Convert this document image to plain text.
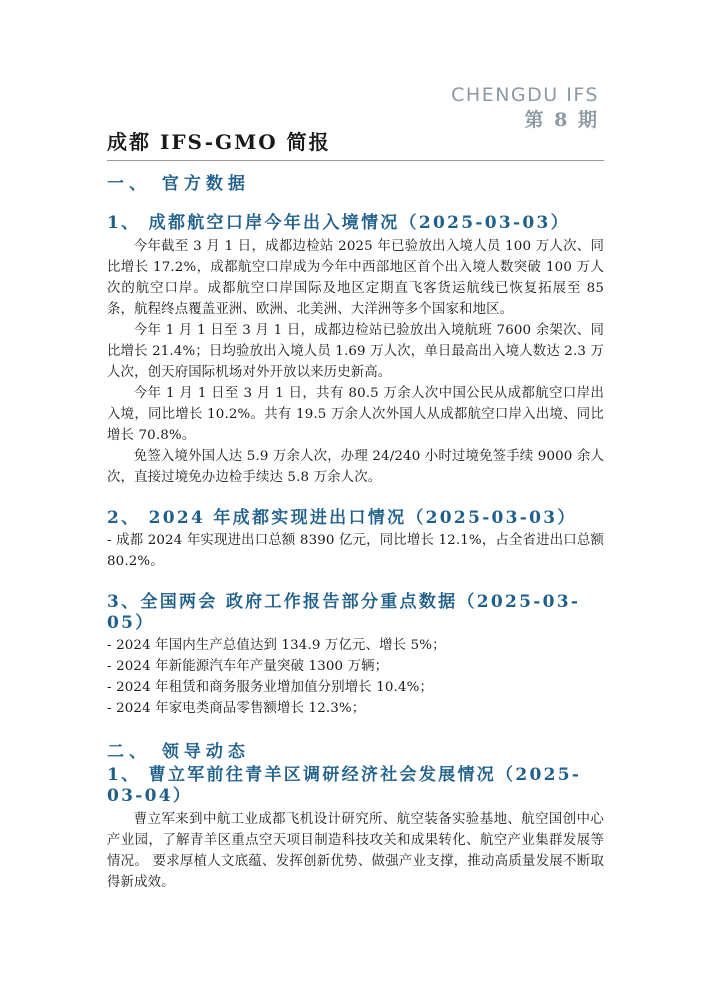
CHENGDU IFS
第 8 期
成都 IFS-GMO 简报
一、 官方数据
1、 成都航空口岸今年出入境情况（2025-03-03）

今年截至 3 月 1 日，成都边检站 2025 年已验放出入境人员 100 万人次、同比增长 17.2%，成都航空口岸成为今年中西部地区首个出入境人数突破 100 万人次的航空口岸。成都航空口岸国际及地区定期直飞客货运航线已恢复拓展至 85 条，航程终点覆盖亚洲、欧洲、北美洲、大洋洲等多个国家和地区。

今年 1 月 1 日至 3 月 1 日，成都边检站已验放出入境航班 7600 余架次、同比增长 21.4%；日均验放出入境人员 1.69 万人次，单日最高出入境人数达 2.3 万人次，创天府国际机场对外开放以来历史新高。

今年 1 月 1 日至 3 月 1 日，共有 80.5 万余人次中国公民从成都航空口岸出入境，同比增长 10.2%。共有 19.5 万余人次外国人从成都航空口岸入出境、同比增长 70.8%。

免签入境外国人达 5.9 万余人次，办理 24/240 小时过境免签手续 9000 余人次，直接过境免办边检手续达 5.8 万余人次。

2、 2024 年成都实现进出口情况（2025-03-03）

- 成都 2024 年实现进出口总额 8390 亿元，同比增长 12.1%，占全省进出口总额 80.2%。

3、全国两会 政府工作报告部分重点数据（2025-03-05）

- 2024 年国内生产总值达到 134.9 万亿元、增长 5%；

- 2024 年新能源汽车年产量突破 1300 万辆；

- 2024 年租赁和商务服务业增加值分别增长 10.4%；

- 2024 年家电类商品零售额增长 12.3%；

二、 领导动态
1、 曹立军前往青羊区调研经济社会发展情况（2025-03-04）

曹立军来到中航工业成都飞机设计研究所、航空装备实验基地、航空国创中心产业园，了解青羊区重点空天项目制造科技攻关和成果转化、航空产业集群发展等情况。 要求厚植人文底蕴、发挥创新优势、做强产业支撑，推动高质量发展不断取得新成效。
